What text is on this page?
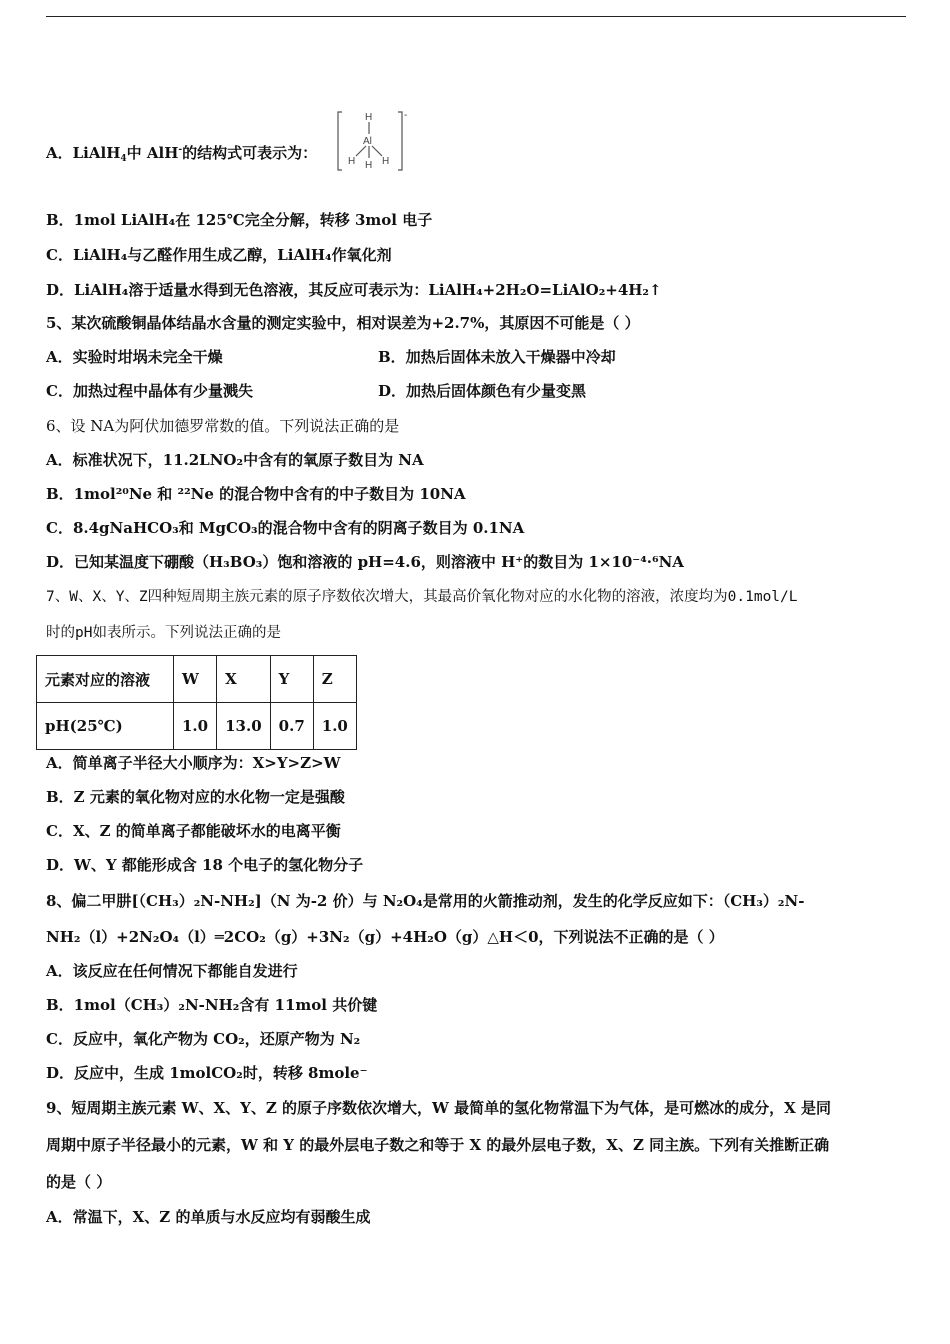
A．LiAlH$_4$中 AlH-的结构式可表示为：
H
Al
H H H
-
B．1mol LiAlH₄在 125℃完全分解，转移 3mol 电子
C．LiAlH₄与乙醛作用生成乙醇，LiAlH₄作氧化剂
D．LiAlH₄溶于适量水得到无色溶液，其反应可表示为：LiAlH₄+2H₂O=LiAlO₂+4H₂↑
5、某次硫酸铜晶体结晶水含量的测定实验中，相对误差为+2.7%，其原因不可能是（ ）
A．实验时坩埚未完全干燥	B．加热后固体未放入干燥器中冷却
C．加热过程中晶体有少量溅失	D．加热后固体颜色有少量变黑
6、设 NA为阿伏加德罗常数的值。下列说法正确的是
A．标准状况下，11.2LNO₂中含有的氧原子数目为 NA
B．1mol²⁰Ne 和 ²²Ne 的混合物中含有的中子数目为 10NA
C．8.4gNaHCO₃和 MgCO₃的混合物中含有的阴离子数目为 0.1NA
D．已知某温度下硼酸（H₃BO₃）饱和溶液的 pH=4.6，则溶液中 H⁺的数目为 1×10⁻⁴·⁶NA
7、W、X、Y、Z四种短周期主族元素的原子序数依次增大，其最高价氧化物对应的水化物的溶液，浓度均为0.1mol/L
时的pH如表所示。下列说法正确的是
元素对应的溶液	W	X	Y	Z
pH(25℃)	1.0	13.0	0.7	1.0
A．简单离子半径大小顺序为：X>Y>Z>W
B．Z 元素的氧化物对应的水化物一定是强酸
C．X、Z 的简单离子都能破坏水的电离平衡
D．W、Y 都能形成含 18 个电子的氢化物分子
8、偏二甲肼[（CH₃）₂N-NH₂]（N 为-2 价）与 N₂O₄是常用的火箭推动剂，发生的化学反应如下：（CH₃）₂N-
NH₂（l）+2N₂O₄（l）═2CO₂（g）+3N₂（g）+4H₂O（g）△H＜0，下列说法不正确的是（ ）
A．该反应在任何情况下都能自发进行
B．1mol（CH₃）₂N-NH₂含有 11mol 共价键
C．反应中，氧化产物为 CO₂，还原产物为 N₂
D．反应中，生成 1molCO₂时，转移 8mole⁻
9、短周期主族元素 W、X、Y、Z 的原子序数依次增大，W 最简单的氢化物常温下为气体，是可燃冰的成分，X 是同
周期中原子半径最小的元素，W 和 Y 的最外层电子数之和等于 X 的最外层电子数，X、Z 同主族。下列有关推断正确
的是（ ）
A．常温下，X、Z 的单质与水反应均有弱酸生成
